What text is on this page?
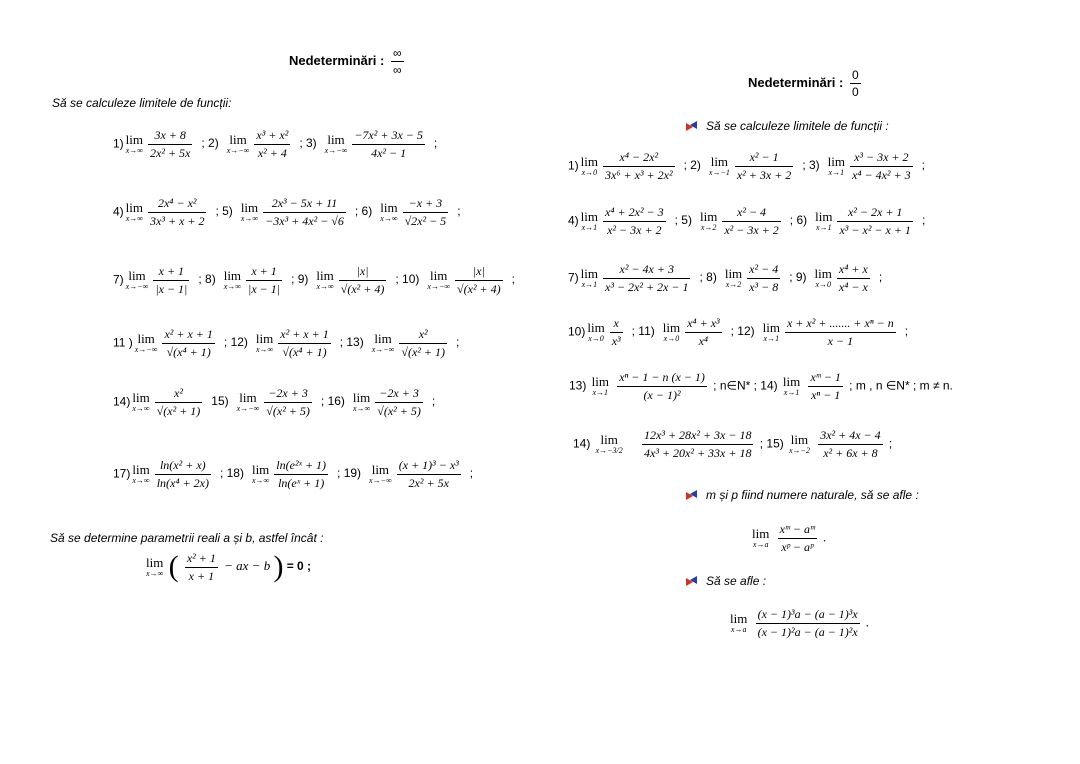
Nedeterminări : $\frac{\infty}{\infty}$
Să se calculeze limitele de funcții:
1) lim
$x\to\infty \frac{3x + 8}{\text{2x² + 5x}}$ ; 2) lim
$x\to-\infty \frac{\text{x³ + x²}}{\text{x² + 4}}$ ; 3) lim
$x\to-\infty \frac{\text{−7x² + 3x − 5}}{\text{4x² − 1}}$ ;
4) lim
$x\to\infty \frac{\text{2x⁴ − x²}}{\text{3x³ + x + 2}}$ ; 5) lim
$x\to\infty \frac{\text{2x³ − 5x + 11}}{\text{−3x³ + 4x² − √6}}$ ; 6) lim
$x\to\infty \frac{-x + 3}{\text{√2x² − 5}}$ ;
7) lim
$x\to-\infty \frac{x + 1}{|x - 1|}$ ; 8) lim
$x\to\infty \frac{x + 1}{|x - 1|}$ ; 9) lim
$x\to\infty \frac{|x|}{\text{√(x² + 4)}}$ ; 10) lim
$x\to-\infty \frac{|x|}{\text{√(x² + 4)}}$ ;
11 ) lim
$x\to-\infty \frac{\text{x² + x + 1}}{\text{√(x⁴ + 1)}}$ ; 12) lim
$x\to\infty \frac{\text{x² + x + 1}}{\text{√(x⁴ + 1)}}$ ; 13) lim
$x\to-\infty \frac{\text{x²}}{\text{√(x² + 1)}}$ ;
14) lim
$x\to\infty \frac{\text{x²}}{\text{√(x² + 1)}} 15$) lim
$x\to-\infty \frac{-2x + 3}{\text{√(x² + 5)}}$ ; 16) lim
$x\to\infty \frac{-2x + 3}{\text{√(x² + 5)}}$ ;
17) lim
$x\to\infty \frac{\text{ln(x² + x)}}{\text{ln(x⁴ + 2x)}}$ ; 18) lim
$x\to\infty \frac{\text{ln(e²ˣ + 1)}}{\text{ln(eˣ + 1)}}$ ; 19) lim
$x\to-\infty \frac{\text{(x + 1)³ − x³}}{\text{2x² + 5x}}$ ;
Să se determine parametrii reali a și b, astfel încât :
lim
x→∞ ( $\frac{\text{x² + 1}}{x + 1}$ − ax − b ) = 0 ;
Nedeterminări : $\frac{0}{0}$
Să se calculeze limitele de funcții :
1) lim
$x\to 0 \frac{\text{x⁴ − 2x²}}{\text{3x⁶ + x³ + 2x²}}$ ; 2) lim
$x\to-1 \frac{\text{x² − 1}}{\text{x² + 3x + 2}}$ ; 3) lim
$x\to 1 \frac{\text{x³ − 3x + 2}}{\text{x⁴ − 4x² + 3}}$ ;
4) lim
$x\to 1 \frac{\text{x⁴ + 2x² − 3}}{\text{x² − 3x + 2}}$ ; 5) lim
$x\to 2 \frac{\text{x² − 4}}{\text{x² − 3x + 2}}$ ; 6) lim
$x\to 1 \frac{\text{x² − 2x + 1}}{\text{x³ − x² − x + 1}}$ ;
7) lim
$x\to 1 \frac{\text{x² − 4x + 3}}{\text{x³ − 2x² + 2x − 1}}$ ; 8) lim
$x\to 2 \frac{\text{x² − 4}}{\text{x³ − 8}}$ ; 9) lim
$x\to 0 \frac{\text{x⁴ + x}}{\text{x⁴ − x}}$ ;
10) lim
$x\to 0 \frac{x}{\text{x³}}$ ; 11) lim
$x\to 0 \frac{\text{x⁴ + x³}}{\text{x⁴}}$ ; 12) lim
$x\to 1 \frac{\text{x + x² + ....... + xⁿ − n}}{x - 1}$ ;
13) lim
x→1
$\frac{\text{xⁿ − 1 − n (x − 1)}}{\text{(x − 1)²}}$ ; n∈N* ; 14) lim
x→1
$\frac{\text{xᵐ − 1}}{\text{xⁿ − 1}}$ ; m , n ∈N* ; m ≠ n.
14) lim
x→−3/2
$\frac{\text{12x³ + 28x² + 3x − 18}}{\text{4x³ + 20x² + 33x + 18}}$ ; 15) lim
x→−2
$\frac{\text{3x² + 4x − 4}}{\text{x² + 6x + 8}}$ ;
m și p fiind numere naturale, să se afle :
lim
x→a
$\frac{\text{xᵐ − aᵐ}}{\text{xᵖ − aᵖ}}$ .
Să se afle :
lim
x→a
$\frac{\text{(x − 1)³a − (a − 1)³x}}{\text{(x − 1)²a − (a − 1)²x}}$ .
